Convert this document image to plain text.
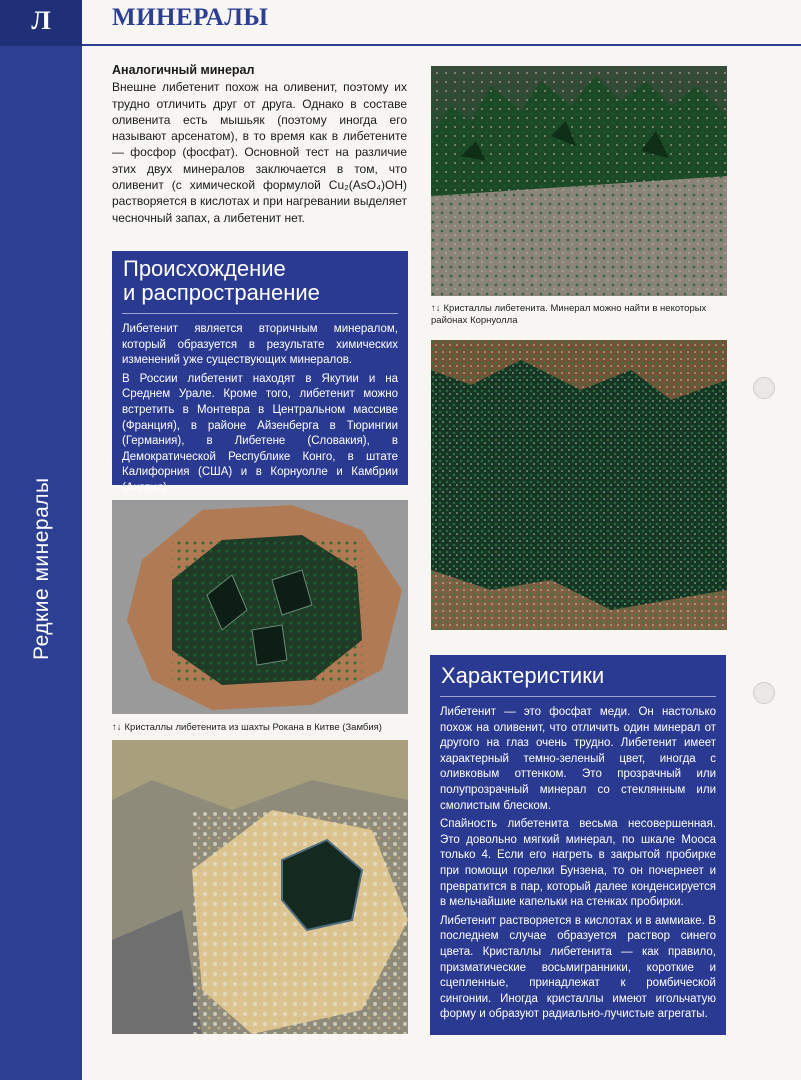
Л
Редкие минералы
МИНЕРАЛЫ
Аналогичный минерал
Внешне либетенит похож на оливенит, поэтому их трудно отличить друг от друга. Однако в составе оливенита есть мышьяк (поэтому иногда его называют арсенатом), в то время как в либетените — фосфор (фосфат). Основной тест на различие этих двух минералов заключается в том, что оливенит (с химической формулой Cu₂(AsO₄)OH) растворяется в кислотах и при нагревании выделяет чесночный запах, а либетенит нет.
Происхождение
и распространение

Либетенит является вторичным минералом, который образуется в результате химических изменений уже существующих минералов.

В России либетенит находят в Якутии и на Среднем Урале. Кроме того, либетенит можно встретить в Монтевра в Центральном массиве (Франция), в районе Айзенберга в Тюрингии (Германия), в Либетене (Словакия), в Демократической Республике Конго, в штате Калифорния (США) и в Корнуолле и Камбрии (Англия).

↑↓ Кристаллы либетенита. Минерал можно найти в некоторых районах Корнуолла
↑↓ Кристаллы либетенита из шахты Рокана в Китве (Замбия)
Характеристики

Либетенит — это фосфат меди. Он настолько похож на оливенит, что отличить один минерал от другого на глаз очень трудно. Либетенит имеет характерный темно-зеленый цвет, иногда с оливковым оттенком. Это прозрачный или полупрозрачный минерал со стеклянным или смолистым блеском.

Спайность либетенита весьма несовершенная. Это довольно мягкий минерал, по шкале Мооса только 4. Если его нагреть в закрытой пробирке при помощи горелки Бунзена, то он почернеет и превратится в пар, который далее конденсируется в мельчайшие капельки на стенках пробирки.

Либетенит растворяется в кислотах и в аммиаке. В последнем случае образуется раствор синего цвета. Кристаллы либетенита — как правило, призматические восьмигранники, короткие и сцепленные, принадлежат к ромбической сингонии. Иногда кристаллы имеют игольчатую форму и образуют радиально-лучистые агрегаты.
